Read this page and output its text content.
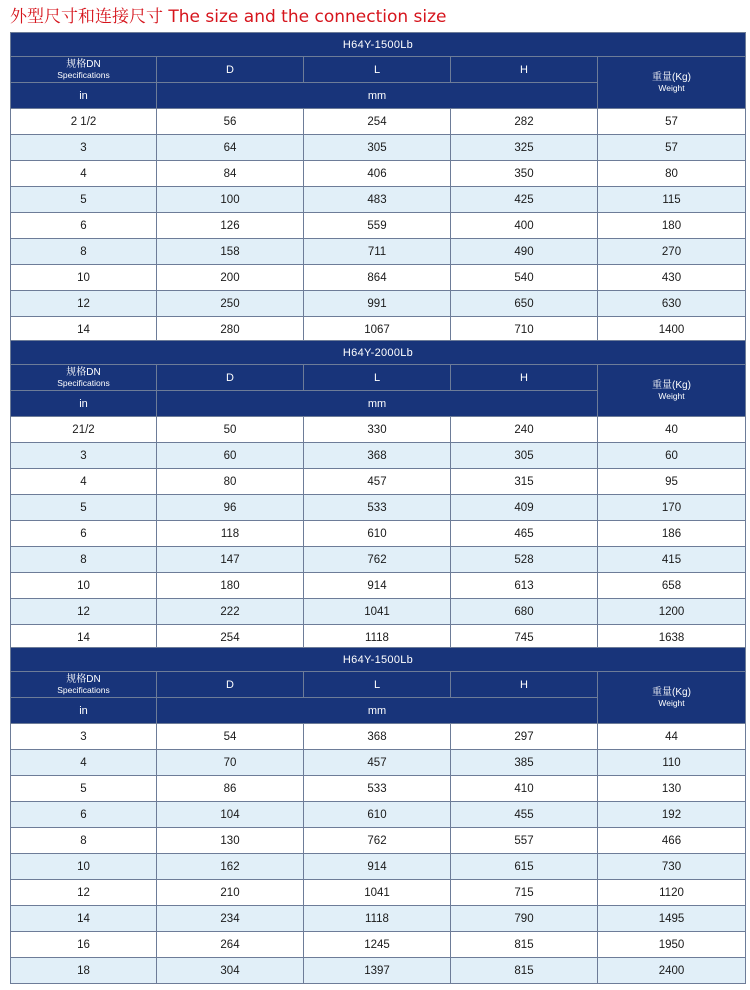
外型尺寸和连接尺寸 The size and the connection size
H64Y-1500Lb				

规格DN
Specifications	D	L	H	重量(Kg)
Weight

in	mm			
2 1/2	56	254	282	57
3	64	305	325	57
4	84	406	350	80
5	100	483	425	115
6	126	559	400	180
8	158	711	490	270
10	200	864	540	430
12	250	991	650	630
14	280	1067	710	1400
H64Y-2000Lb				

规格DN
Specifications	D	L	H	重量(Kg)
Weight

in	mm			
21/2	50	330	240	40
3	60	368	305	60
4	80	457	315	95
5	96	533	409	170
6	118	610	465	186
8	147	762	528	415
10	180	914	613	658
12	222	1041	680	1200
14	254	1118	745	1638
H64Y-1500Lb				

规格DN
Specifications	D	L	H	重量(Kg)
Weight

in	mm			
3	54	368	297	44
4	70	457	385	110
5	86	533	410	130
6	104	610	455	192
8	130	762	557	466
10	162	914	615	730
12	210	1041	715	1120
14	234	1118	790	1495
16	264	1245	815	1950
18	304	1397	815	2400
